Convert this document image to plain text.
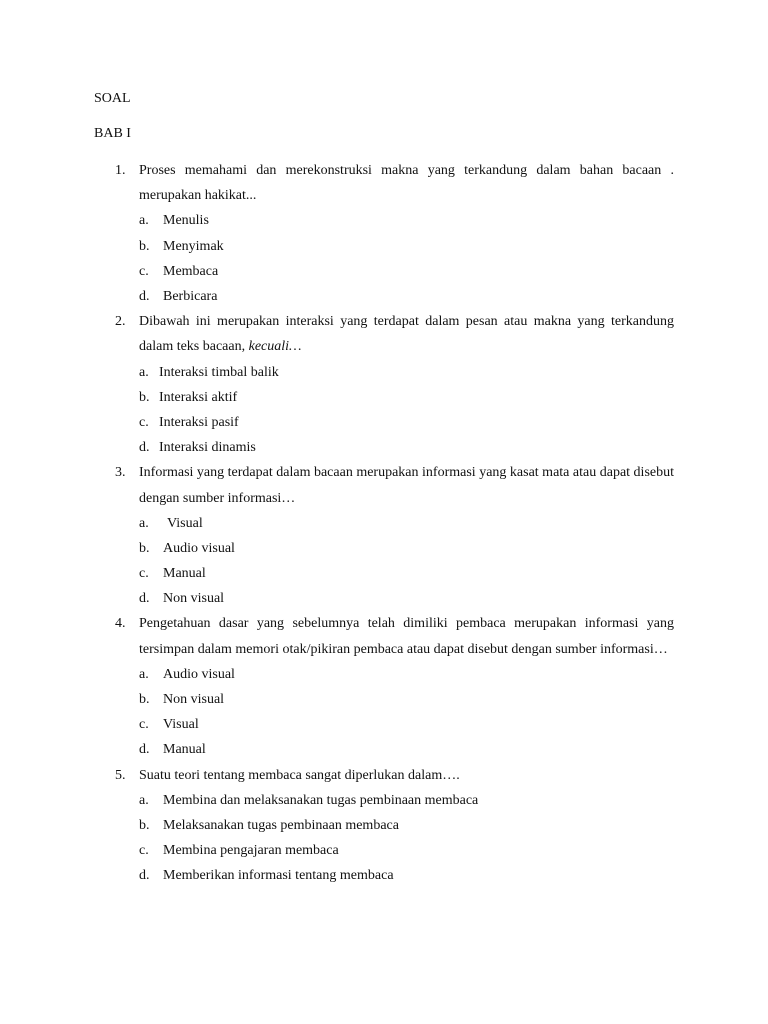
SOAL
BAB I
1. Proses memahami dan merekonstruksi makna yang terkandung dalam bahan bacaan . merupakan hakikat...
a. Menulis
b. Menyimak
c. Membaca
d. Berbicara
2. Dibawah ini merupakan interaksi yang terdapat dalam pesan atau makna yang terkandung dalam teks bacaan, kecuali…
a. Interaksi timbal balik
b. Interaksi aktif
c. Interaksi pasif
d. Interaksi dinamis
3. Informasi yang terdapat dalam bacaan merupakan informasi yang kasat mata atau dapat disebut dengan sumber informasi…
a. Visual
b. Audio visual
c. Manual
d. Non visual
4. Pengetahuan dasar yang sebelumnya telah dimiliki pembaca merupakan informasi yang tersimpan dalam memori otak/pikiran pembaca atau dapat disebut dengan sumber informasi…
a. Audio visual
b. Non visual
c. Visual
d. Manual
5. Suatu teori tentang membaca sangat diperlukan dalam….
a. Membina dan melaksanakan tugas pembinaan membaca
b. Melaksanakan tugas pembinaan membaca
c. Membina pengajaran membaca
d. Memberikan informasi tentang membaca
